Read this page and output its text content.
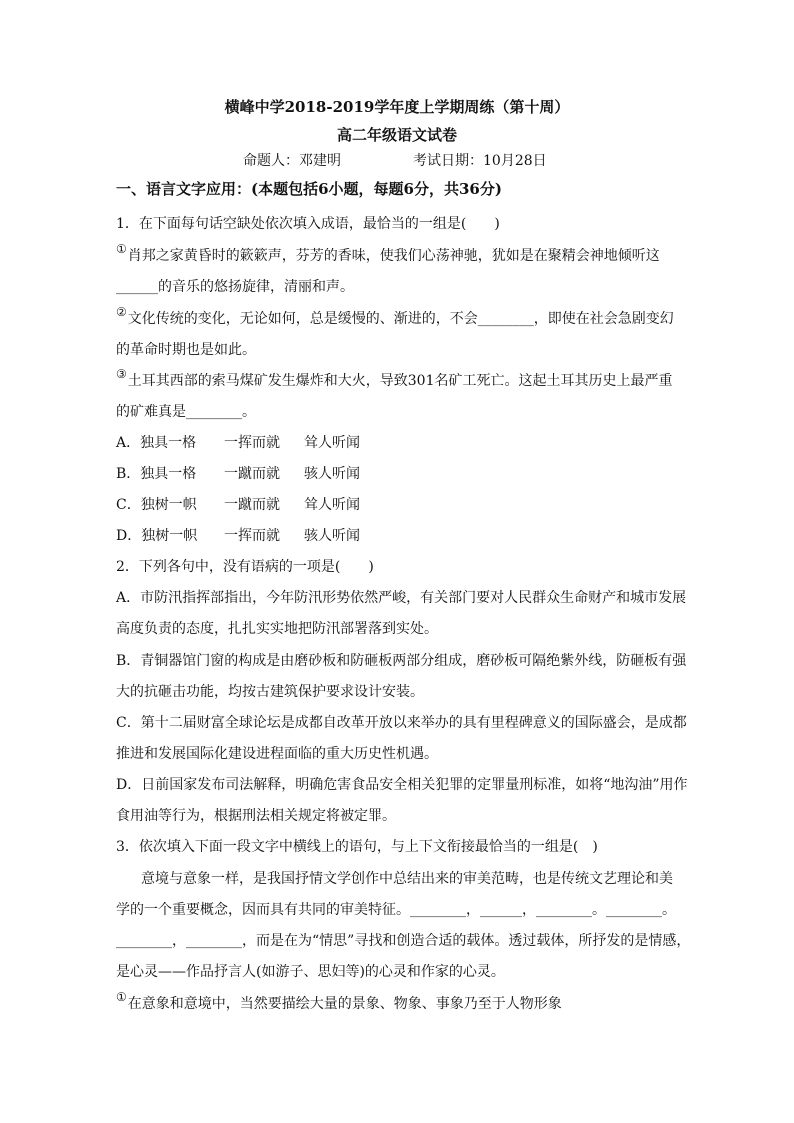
横峰中学2018-2019学年度上学期周练（第十周）
高二年级语文试卷
命题人：邓建明	考试日期：10月28日
一、语言文字应用：(本题包括6小题，每题6分，共36分)
1．在下面每句话空缺处依次填入成语，最恰当的一组是(　　)
①肖邦之家黄昏时的簌簌声，芬芳的香味，使我们心荡神驰，犹如是在聚精会神地倾听这
______的音乐的悠扬旋律，清丽和声。
②文化传统的变化，无论如何，总是缓慢的、渐进的，不会________，即使在社会急剧变幻
的革命时期也是如此。
③土耳其西部的索马煤矿发生爆炸和大火，导致301名矿工死亡。这起土耳其历史上最严重
的矿难真是________。
A．独具一格 一挥而就 耸人听闻
B．独具一格 一蹴而就 骇人听闻
C．独树一帜 一蹴而就 耸人听闻
D．独树一帜 一挥而就 骇人听闻
2．下列各句中，没有语病的一项是(　　)
A．市防汛指挥部指出，今年防汛形势依然严峻，有关部门要对人民群众生命财产和城市发展
高度负责的态度，扎扎实实地把防汛部署落到实处。
B．青铜器馆门窗的构成是由磨砂板和防砸板两部分组成，磨砂板可隔绝紫外线，防砸板有强
大的抗砸击功能，均按古建筑保护要求设计安装。
C．第十二届财富全球论坛是成都自改革开放以来举办的具有里程碑意义的国际盛会，是成都
推进和发展国际化建设进程面临的重大历史性机遇。
D．日前国家发布司法解释，明确危害食品安全相关犯罪的定罪量刑标准，如将“地沟油”用作
食用油等行为，根据刑法相关规定将被定罪。
3．依次填入下面一段文字中横线上的语句，与上下文衔接最恰当的一组是(　)
意境与意象一样，是我国抒情文学创作中总结出来的审美范畴，也是传统文艺理论和美
学的一个重要概念，因而具有共同的审美特征。________，______，________。________。
________，________，而是在为“情思”寻找和创造合适的载体。透过载体，所抒发的是情感，
是心灵——作品抒言人(如游子、思妇等)的心灵和作家的心灵。
①在意象和意境中，当然要描绘大量的景象、物象、事象乃至于人物形象
